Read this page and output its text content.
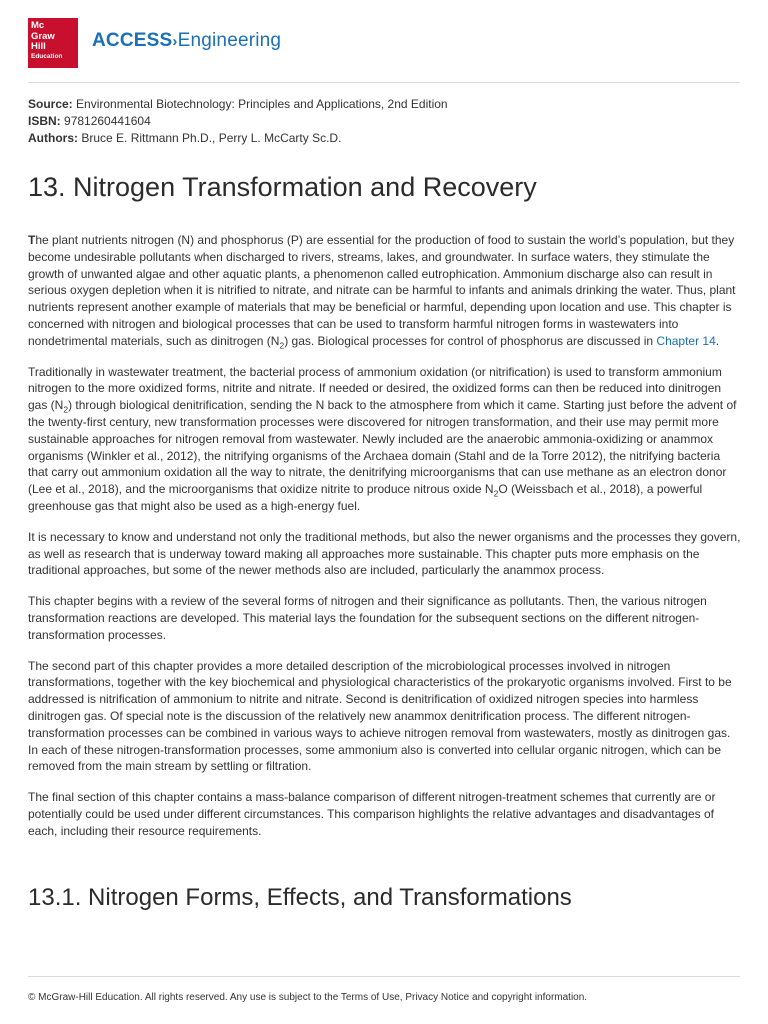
Mc
Graw
Hill
Education
ACCESS›Engineering
Source: Environmental Biotechnology: Principles and Applications, 2nd Edition
ISBN: 9781260441604
Authors: Bruce E. Rittmann Ph.D., Perry L. McCarty Sc.D.
13. Nitrogen Transformation and Recovery

The plant nutrients nitrogen (N) and phosphorus (P) are essential for the production of food to sustain the world’s population, but they become undesirable pollutants when discharged to rivers, streams, lakes, and groundwater. In surface waters, they stimulate the growth of unwanted algae and other aquatic plants, a phenomenon called eutrophication. Ammonium discharge also can result in serious oxygen depletion when it is nitrified to nitrate, and nitrate can be harmful to infants and animals drinking the water. Thus, plant nutrients represent another example of materials that may be beneficial or harmful, depending upon location and use. This chapter is concerned with nitrogen and biological processes that can be used to transform harmful nitrogen forms in wastewaters into nondetrimental materials, such as dinitrogen $(N_2)$ gas. Biological processes for control of phosphorus are discussed in Chapter 14.

Traditionally in wastewater treatment, the bacterial process of ammonium oxidation (or nitrification) is used to transform ammonium nitrogen to the more oxidized forms, nitrite and nitrate. If needed or desired, the oxidized forms can then be reduced into dinitrogen gas $(N_2)$ through biological denitrification, sending the N back to the atmosphere from which it came. Starting just before the advent of the twenty-first century, new transformation processes were discovered for nitrogen transformation, and their use may permit more sustainable approaches for nitrogen removal from wastewater. Newly included are the anaerobic ammonia-oxidizing or anammox organisms (Winkler et al., 2012), the nitrifying organisms of the Archaea domain (Stahl and de la Torre 2012), the nitrifying bacteria that carry out ammonium oxidation all the way to nitrate, the denitrifying microorganisms that can use methane as an electron donor (Lee et al., 2018), and the microorganisms that oxidize nitrite to produce nitrous oxide $N_2O$ (Weissbach et al., 2018), a powerful greenhouse gas that might also be used as a high-energy fuel.

It is necessary to know and understand not only the traditional methods, but also the newer organisms and the processes they govern, as well as research that is underway toward making all approaches more sustainable. This chapter puts more emphasis on the traditional approaches, but some of the newer methods also are included, particularly the anammox process.

This chapter begins with a review of the several forms of nitrogen and their significance as pollutants. Then, the various nitrogen transformation reactions are developed. This material lays the foundation for the subsequent sections on the different nitrogen-transformation processes.

The second part of this chapter provides a more detailed description of the microbiological processes involved in nitrogen transformations, together with the key biochemical and physiological characteristics of the prokaryotic organisms involved. First to be addressed is nitrification of ammonium to nitrite and nitrate. Second is denitrification of oxidized nitrogen species into harmless dinitrogen gas. Of special note is the discussion of the relatively new anammox denitrification process. The different nitrogen-transformation processes can be combined in various ways to achieve nitrogen removal from wastewaters, mostly as dinitrogen gas. In each of these nitrogen-transformation processes, some ammonium also is converted into cellular organic nitrogen, which can be removed from the main stream by settling or filtration.

The final section of this chapter contains a mass-balance comparison of different nitrogen-treatment schemes that currently are or potentially could be used under different circumstances. This comparison highlights the relative advantages and disadvantages of each, including their resource requirements.

13.1. Nitrogen Forms, Effects, and Transformations
© McGraw-Hill Education. All rights reserved. Any use is subject to the Terms of Use, Privacy Notice and copyright information.
